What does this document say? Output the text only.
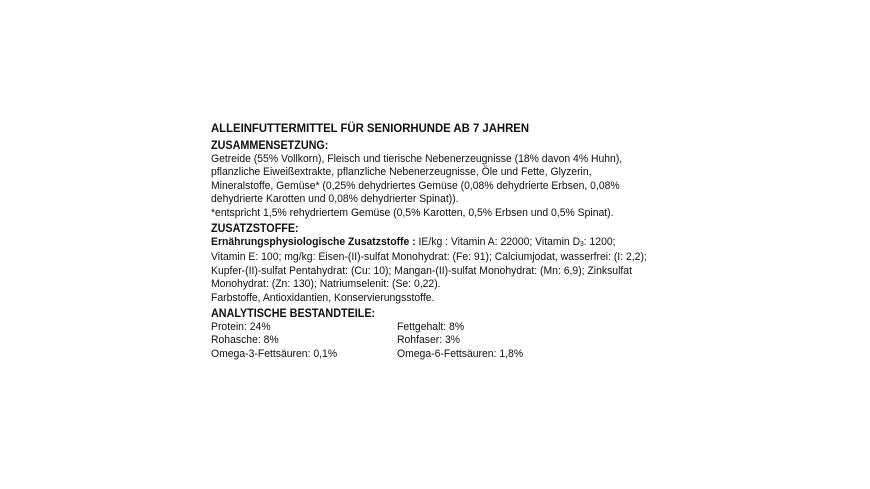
ALLEINFUTTERMITTEL FÜR SENIORHUNDE AB 7 JAHREN
ZUSAMMENSETZUNG:

Getreide (55% Vollkorn), Fleisch und tierische Nebenerzeugnisse (18% davon 4% Huhn), pflanzliche Eiweißextrakte, pflanzliche Nebenerzeugnisse, Öle und Fette, Glyzerin, Mineralstoffe, Gemüse* (0,25% dehydriertes Gemüse (0,08% dehydrierte Erbsen, 0,08% dehydrierte Karotten und 0,08% dehydrierter Spinat)).

*entspricht 1,5% rehydriertem Gemüse (0,5% Karotten, 0,5% Erbsen und 0,5% Spinat).

ZUSATZSTOFFE:

Ernährungsphysiologische Zusatzstoffe : IE/kg : Vitamin A: 22000; Vitamin D3: 1200; Vitamin E: 100; mg/kg: Eisen-(II)-sulfat Monohydrat: (Fe: 91); Calciumjodat, wasserfrei: (I: 2,2); Kupfer-(II)-sulfat Pentahydrat: (Cu: 10); Mangan-(II)-sulfat Monohydrat: (Mn: 6,9); Zinksulfat Monohydrat: (Zn: 130); Natriumselenit: (Se: 0,22).

Farbstoffe, Antioxidantien, Konservierungsstoffe.

ANALYTISCHE BESTANDTEILE:
Protein: 24%	Fettgehalt: 8%
Rohasche: 8%	Rohfaser: 3%
Omega-3-Fettsäuren: 0,1%	Omega-6-Fettsäuren: 1,8%
